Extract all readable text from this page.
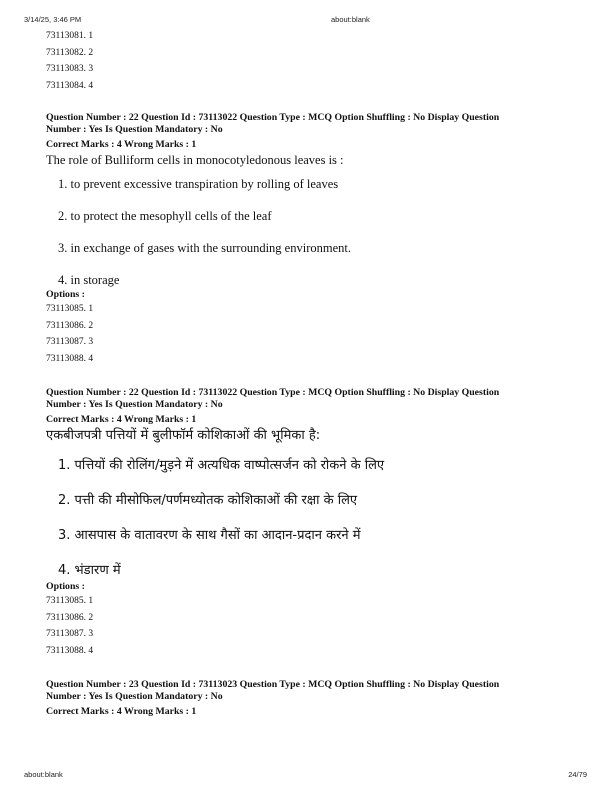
3/14/25, 3:46 PM	about:blank
73113081. 1
73113082. 2
73113083. 3
73113084. 4
Question Number : 22 Question Id : 73113022 Question Type : MCQ Option Shuffling : No Display Question
Number : Yes Is Question Mandatory : No
Correct Marks : 4 Wrong Marks : 1
The role of Bulliform cells in monocotyledonous leaves is :
1. to prevent excessive transpiration by rolling of leaves
2. to protect the mesophyll cells of the leaf
3. in exchange of gases with the surrounding environment.
4. in storage
Options :
73113085. 1
73113086. 2
73113087. 3
73113088. 4
Question Number : 22 Question Id : 73113022 Question Type : MCQ Option Shuffling : No Display Question
Number : Yes Is Question Mandatory : No
Correct Marks : 4 Wrong Marks : 1
एकबीजपत्री पत्तियों में बुलीफॉर्म कोशिकाओं की भूमिका है:
1. पत्तियों की रोलिंग/मुड़ने में अत्यधिक वाष्पोत्सर्जन को रोकने के लिए
2. पत्ती की मीसोफिल/पर्णमध्योतक कोशिकाओं की रक्षा के लिए
3. आसपास के वातावरण के साथ गैसों का आदान-प्रदान करने में
4. भंडारण में
Options :
73113085. 1
73113086. 2
73113087. 3
73113088. 4
Question Number : 23 Question Id : 73113023 Question Type : MCQ Option Shuffling : No Display Question
Number : Yes Is Question Mandatory : No
Correct Marks : 4 Wrong Marks : 1
about:blank	24/79
